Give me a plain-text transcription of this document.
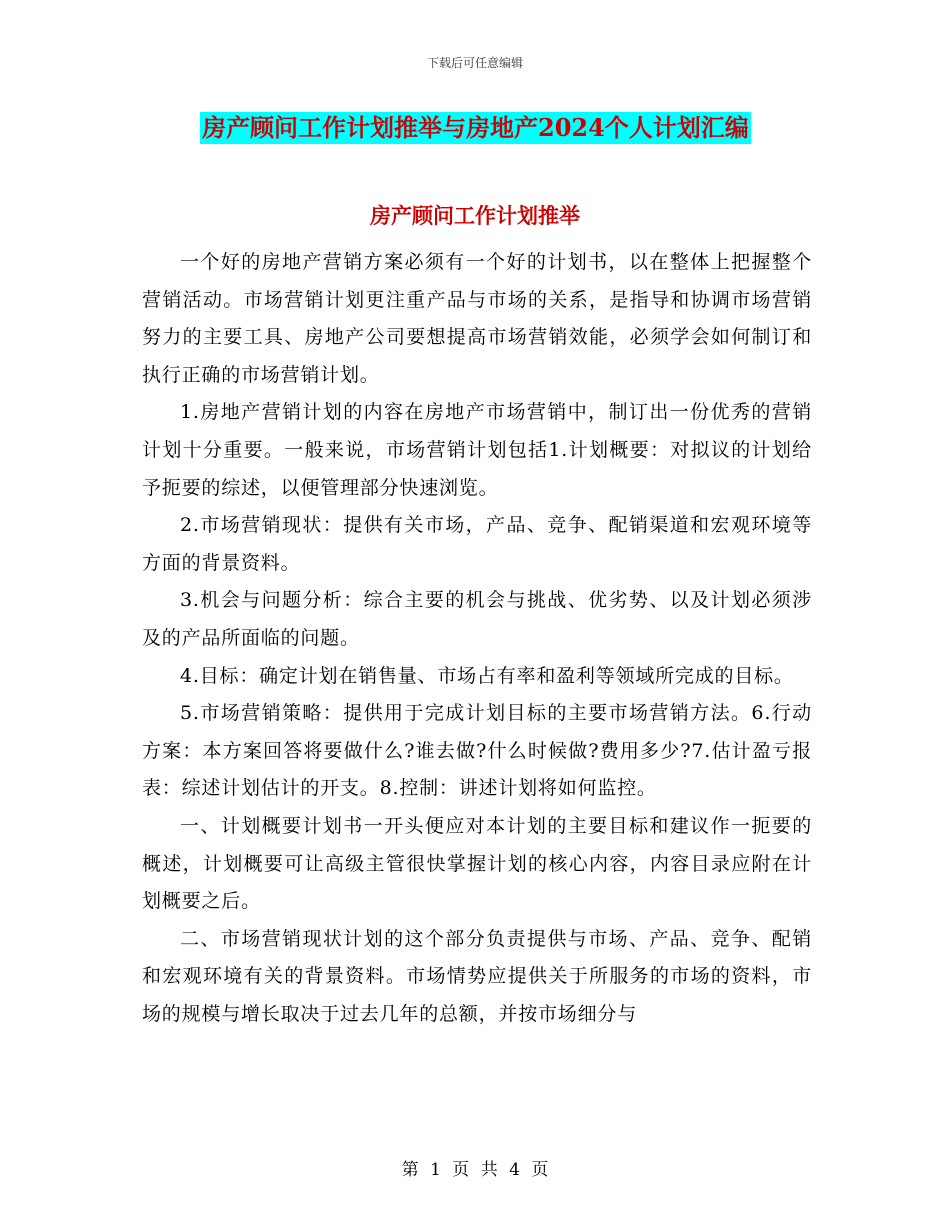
下载后可任意编辑
房产顾问工作计划推举与房地产2024个人计划汇编
房产顾问工作计划推举

一个好的房地产营销方案必须有一个好的计划书，以在整体上把握整个营销活动。市场营销计划更注重产品与市场的关系，是指导和协调市场营销努力的主要工具、房地产公司要想提高市场营销效能，必须学会如何制订和执行正确的市场营销计划。

1.房地产营销计划的内容在房地产市场营销中，制订出一份优秀的营销计划十分重要。一般来说，市场营销计划包括1.计划概要：对拟议的计划给予扼要的综述，以便管理部分快速浏览。

2.市场营销现状：提供有关市场，产品、竞争、配销渠道和宏观环境等方面的背景资料。

3.机会与问题分析：综合主要的机会与挑战、优劣势、以及计划必须涉及的产品所面临的问题。

4.目标：确定计划在销售量、市场占有率和盈利等领域所完成的目标。

5.市场营销策略：提供用于完成计划目标的主要市场营销方法。6.行动方案：本方案回答将要做什么?谁去做?什么时候做?费用多少?7.估计盈亏报表：综述计划估计的开支。8.控制：讲述计划将如何监控。

一、计划概要计划书一开头便应对本计划的主要目标和建议作一扼要的概述，计划概要可让高级主管很快掌握计划的核心内容，内容目录应附在计划概要之后。

二、市场营销现状计划的这个部分负责提供与市场、产品、竞争、配销和宏观环境有关的背景资料。市场情势应提供关于所服务的市场的资料，市场的规模与增长取决于过去几年的总额，并按市场细分与

第 1 页 共 4 页
